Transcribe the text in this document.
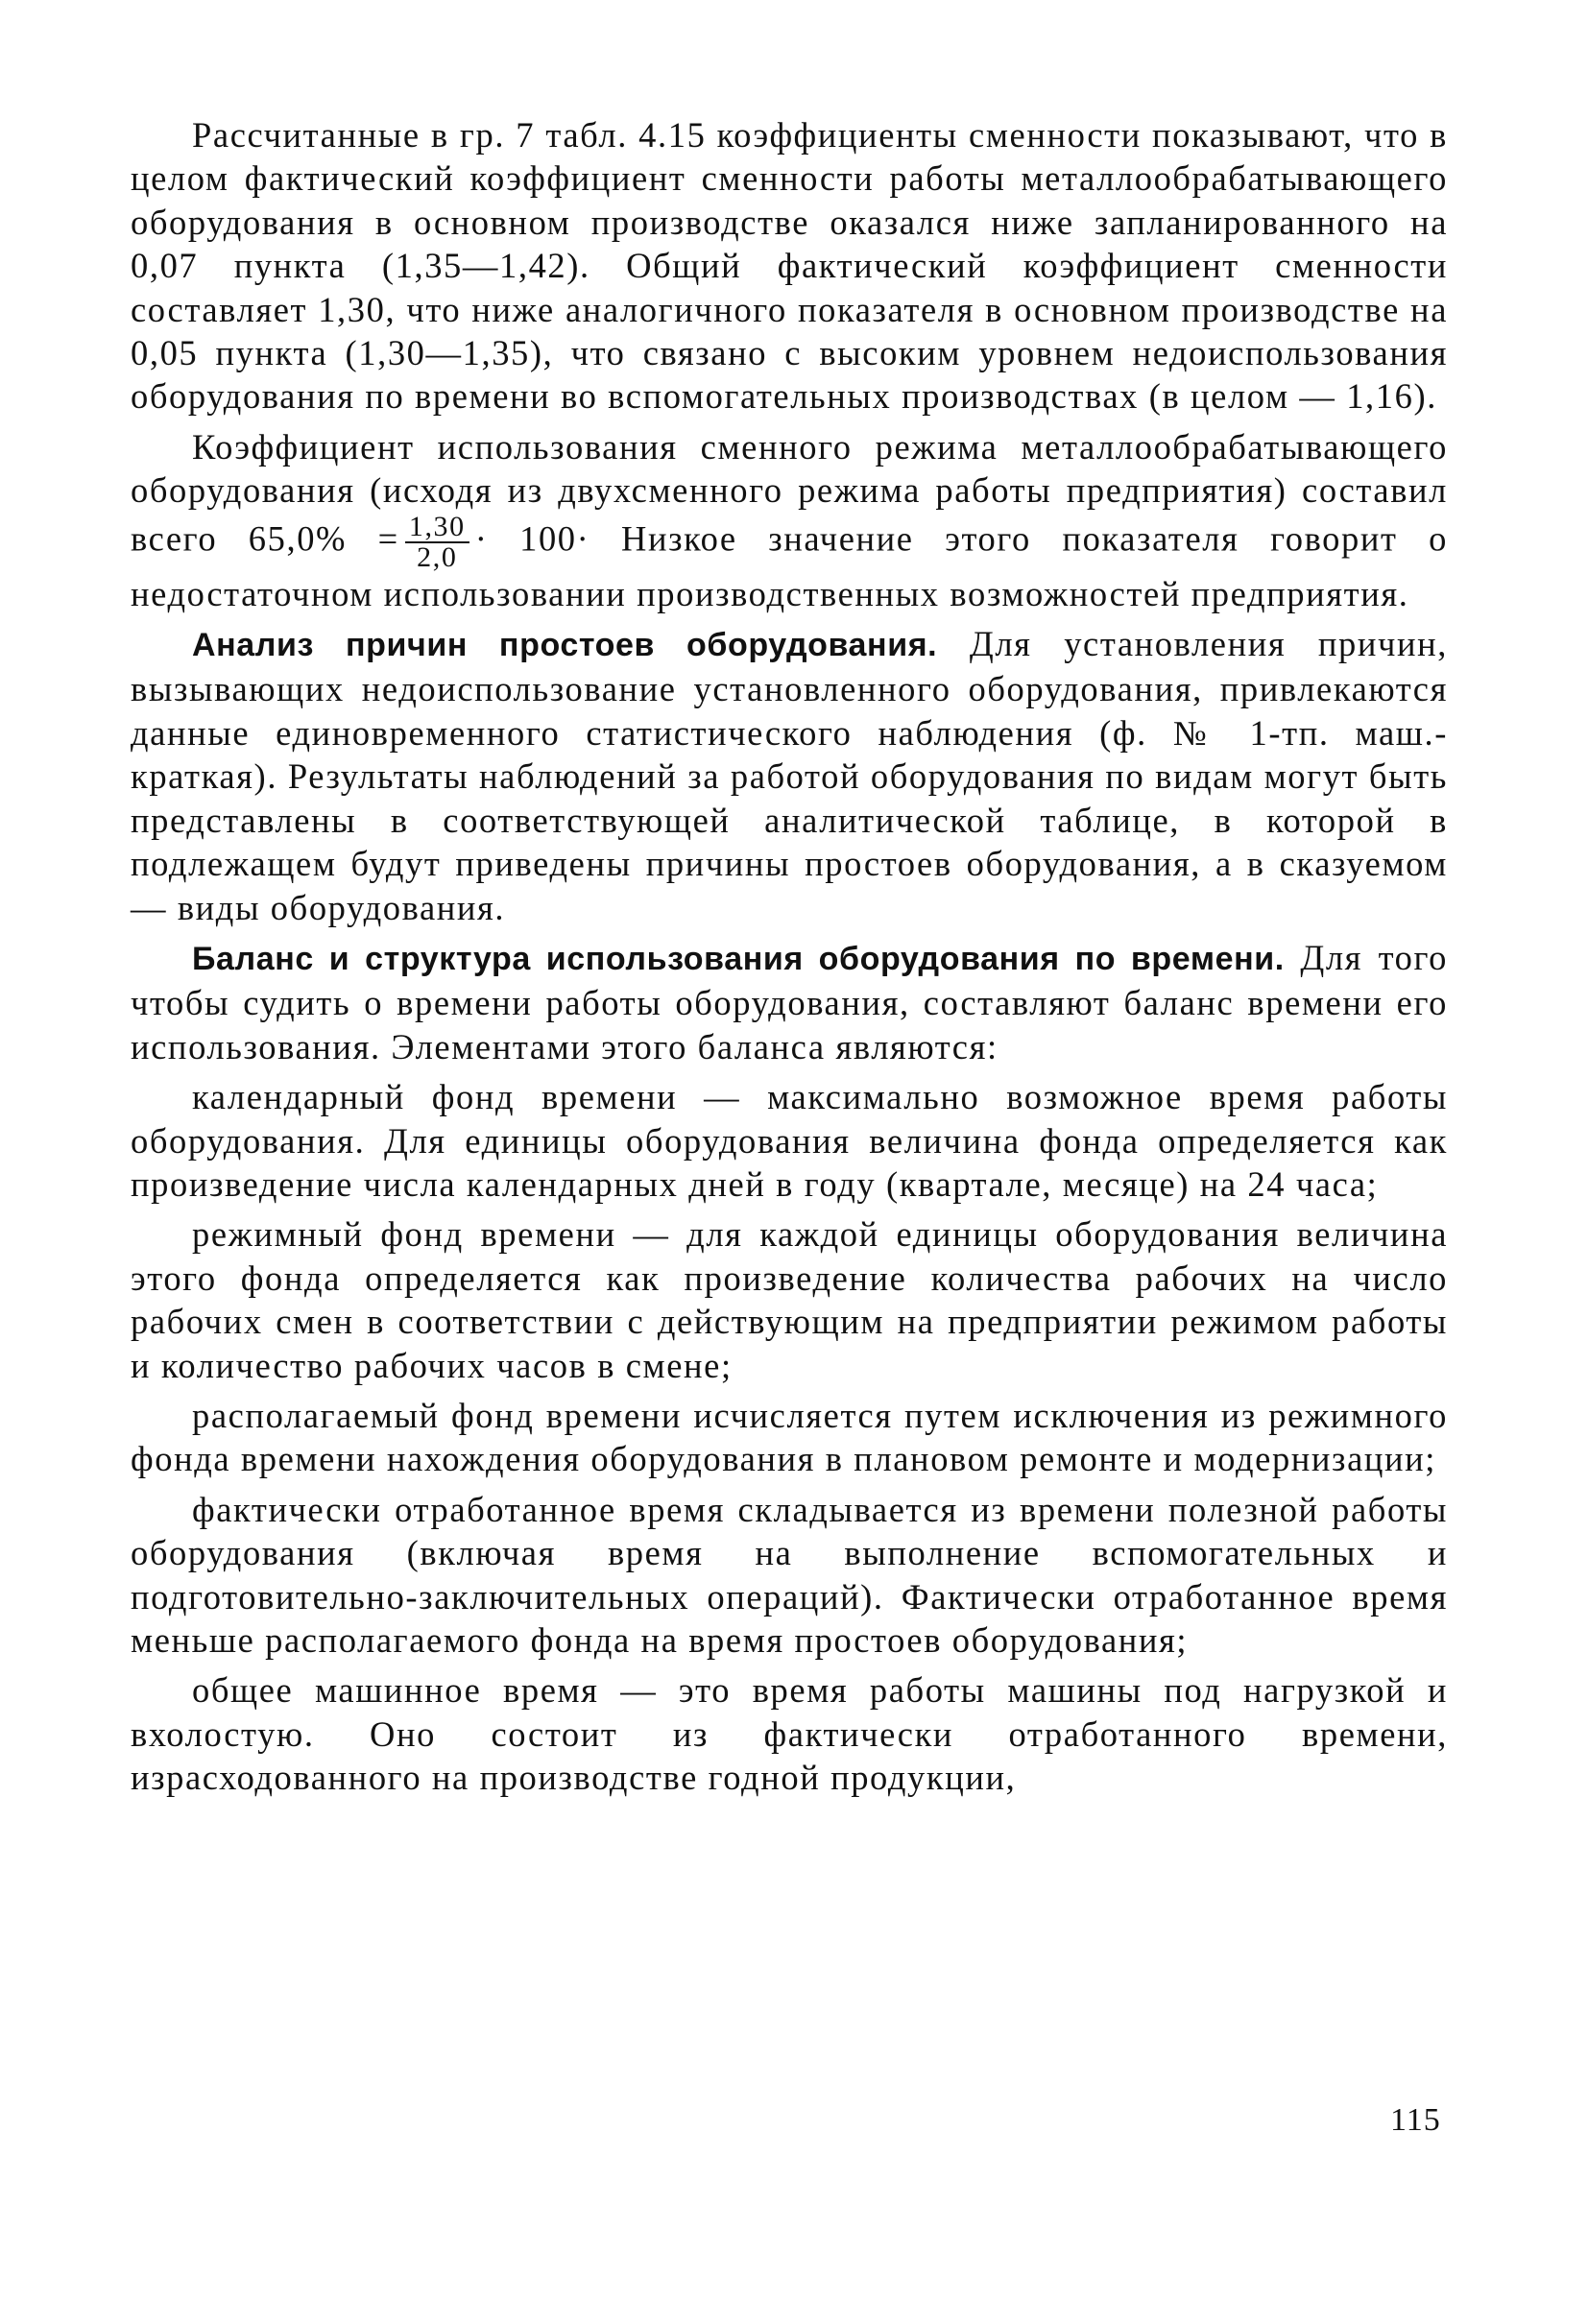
Рассчитанные в гр. 7 табл. 4.15 коэффициенты сменности показывают, что в целом фактический коэффициент сменности работы металлообрабатывающего оборудования в основном производстве оказался ниже запланированного на 0,07 пункта (1,35—1,42). Общий фактический коэффициент сменности составляет 1,30, что ниже аналогичного показателя в основном производстве на 0,05 пункта (1,30—1,35), что связано с высоким уровнем недоиспользования оборудования по времени во вспомогательных производствах (в целом — 1,16).

Коэффициент использования сменного режима металлообрабатывающего оборудования (исходя из двухсменного режима работы предприятия) составил всего $65,0\% = \frac{1,30}{2,0} \cdot 100\cdot$ Низкое значение этого показателя говорит о недостаточном использовании производственных возможностей предприятия.

Анализ причин простоев оборудования. Для установления причин, вызывающих недоиспользование установленного оборудования, привлекаются данные единовременного статистического наблюдения (ф. № 1-тп. маш.-краткая). Результаты наблюдений за работой оборудования по видам могут быть представлены в соответствующей аналитической таблице, в которой в подлежащем будут приведены причины простоев оборудования, а в сказуемом — виды оборудования.

Баланс и структура использования оборудования по времени. Для того чтобы судить о времени работы оборудования, составляют баланс времени его использования. Элементами этого баланса являются:

календарный фонд времени — максимально возможное время работы оборудования. Для единицы оборудования величина фонда определяется как произведение числа календарных дней в году (квартале, месяце) на 24 часа;

режимный фонд времени — для каждой единицы оборудования величина этого фонда определяется как произведение количества рабочих на число рабочих смен в соответствии с действующим на предприятии режимом работы и количество рабочих часов в смене;

располагаемый фонд времени исчисляется путем исключения из режимного фонда времени нахождения оборудования в плановом ремонте и модернизации;

фактически отработанное время складывается из времени полезной работы оборудования (включая время на выполнение вспомогательных и подготовительно-заключительных операций). Фактически отработанное время меньше располагаемого фонда на время простоев оборудования;

общее машинное время — это время работы машины под нагрузкой и вхолостую. Оно состоит из фактически отработанного времени, израсходованного на производстве годной продукции,

115
